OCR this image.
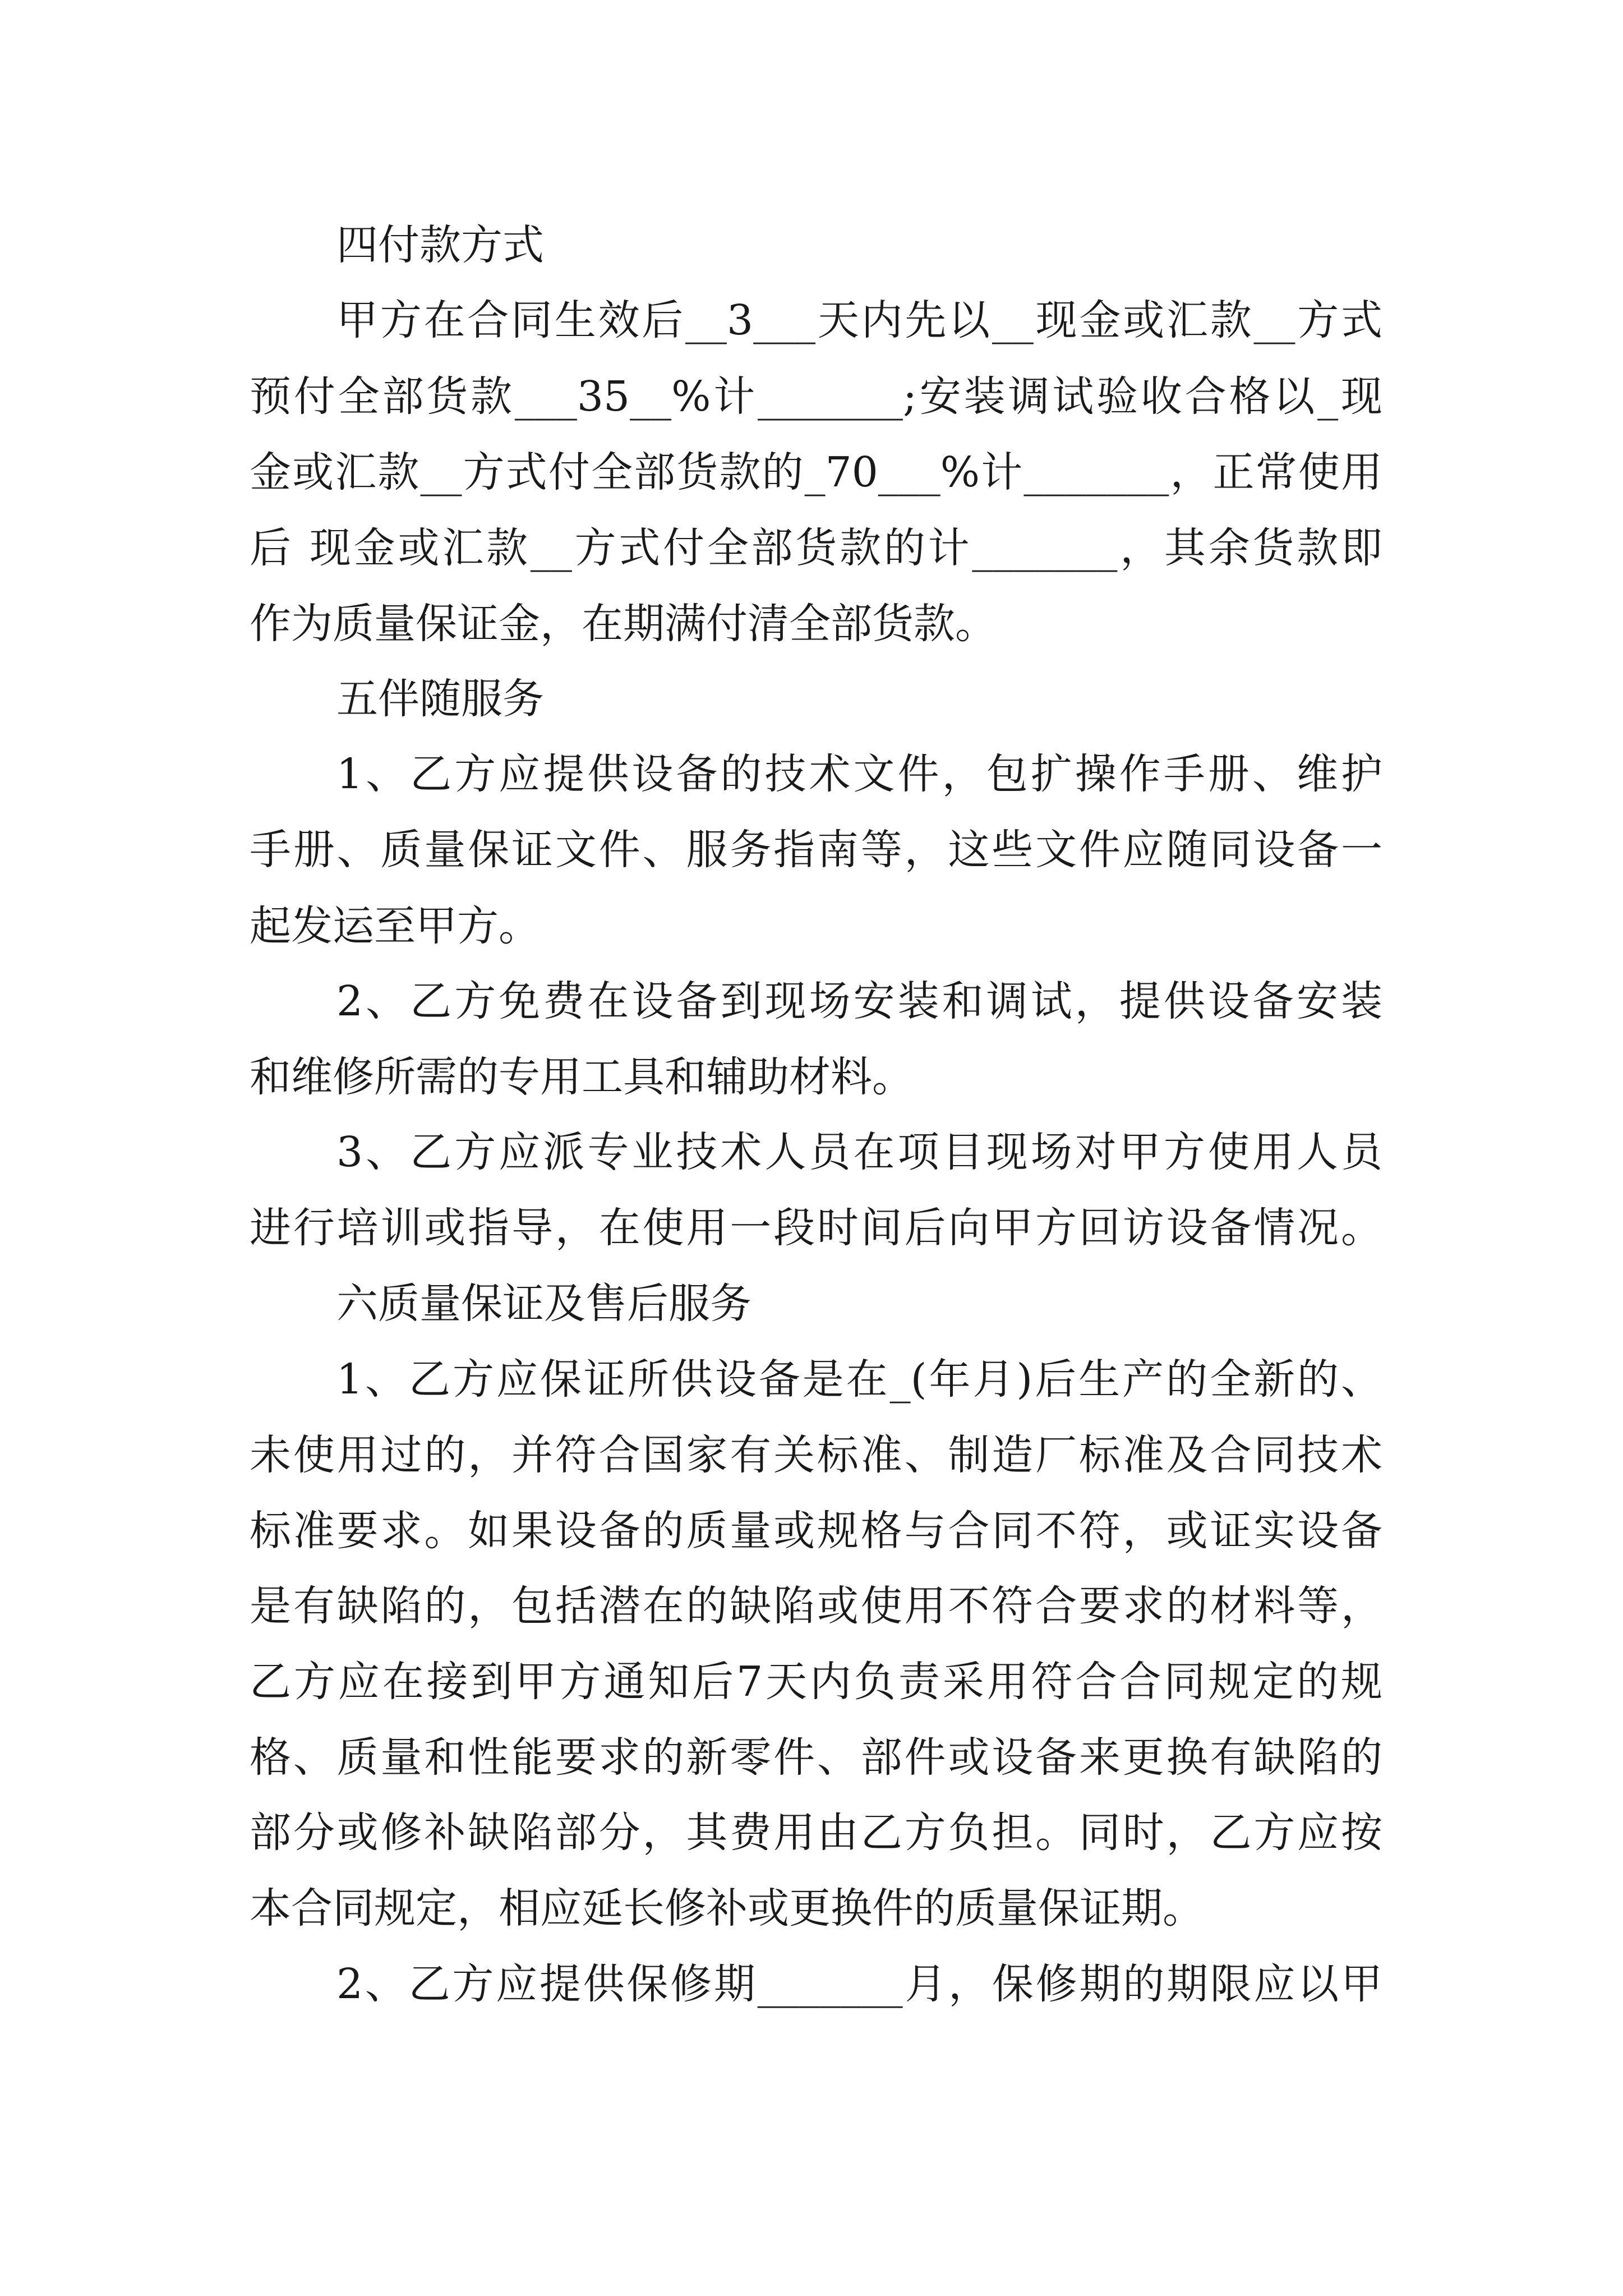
四付款方式
甲方在合同生效后__3___天内先以__现金或汇款__方式
预付全部货款___35__%计_______;安装调试验收合格以_现
金或汇款__方式付全部货款的_70___%计_______，正常使用
后 现金或汇款__方式付全部货款的计_______，其余货款即
作为质量保证金，在期满付清全部货款。
五伴随服务
1、乙方应提供设备的技术文件，包扩操作手册、维护
手册、质量保证文件、服务指南等，这些文件应随同设备一
起发运至甲方。
2、乙方免费在设备到现场安装和调试，提供设备安装
和维修所需的专用工具和辅助材料。
3、乙方应派专业技术人员在项目现场对甲方使用人员
进行培训或指导，在使用一段时间后向甲方回访设备情况。
六质量保证及售后服务
1、乙方应保证所供设备是在_(年月)后生产的全新的、
未使用过的，并符合国家有关标准、制造厂标准及合同技术
标准要求。如果设备的质量或规格与合同不符，或证实设备
是有缺陷的，包括潜在的缺陷或使用不符合要求的材料等，
乙方应在接到甲方通知后7天内负责采用符合合同规定的规
格、质量和性能要求的新零件、部件或设备来更换有缺陷的
部分或修补缺陷部分，其费用由乙方负担。同时，乙方应按
本合同规定，相应延长修补或更换件的质量保证期。
2、乙方应提供保修期_______月，保修期的期限应以甲
